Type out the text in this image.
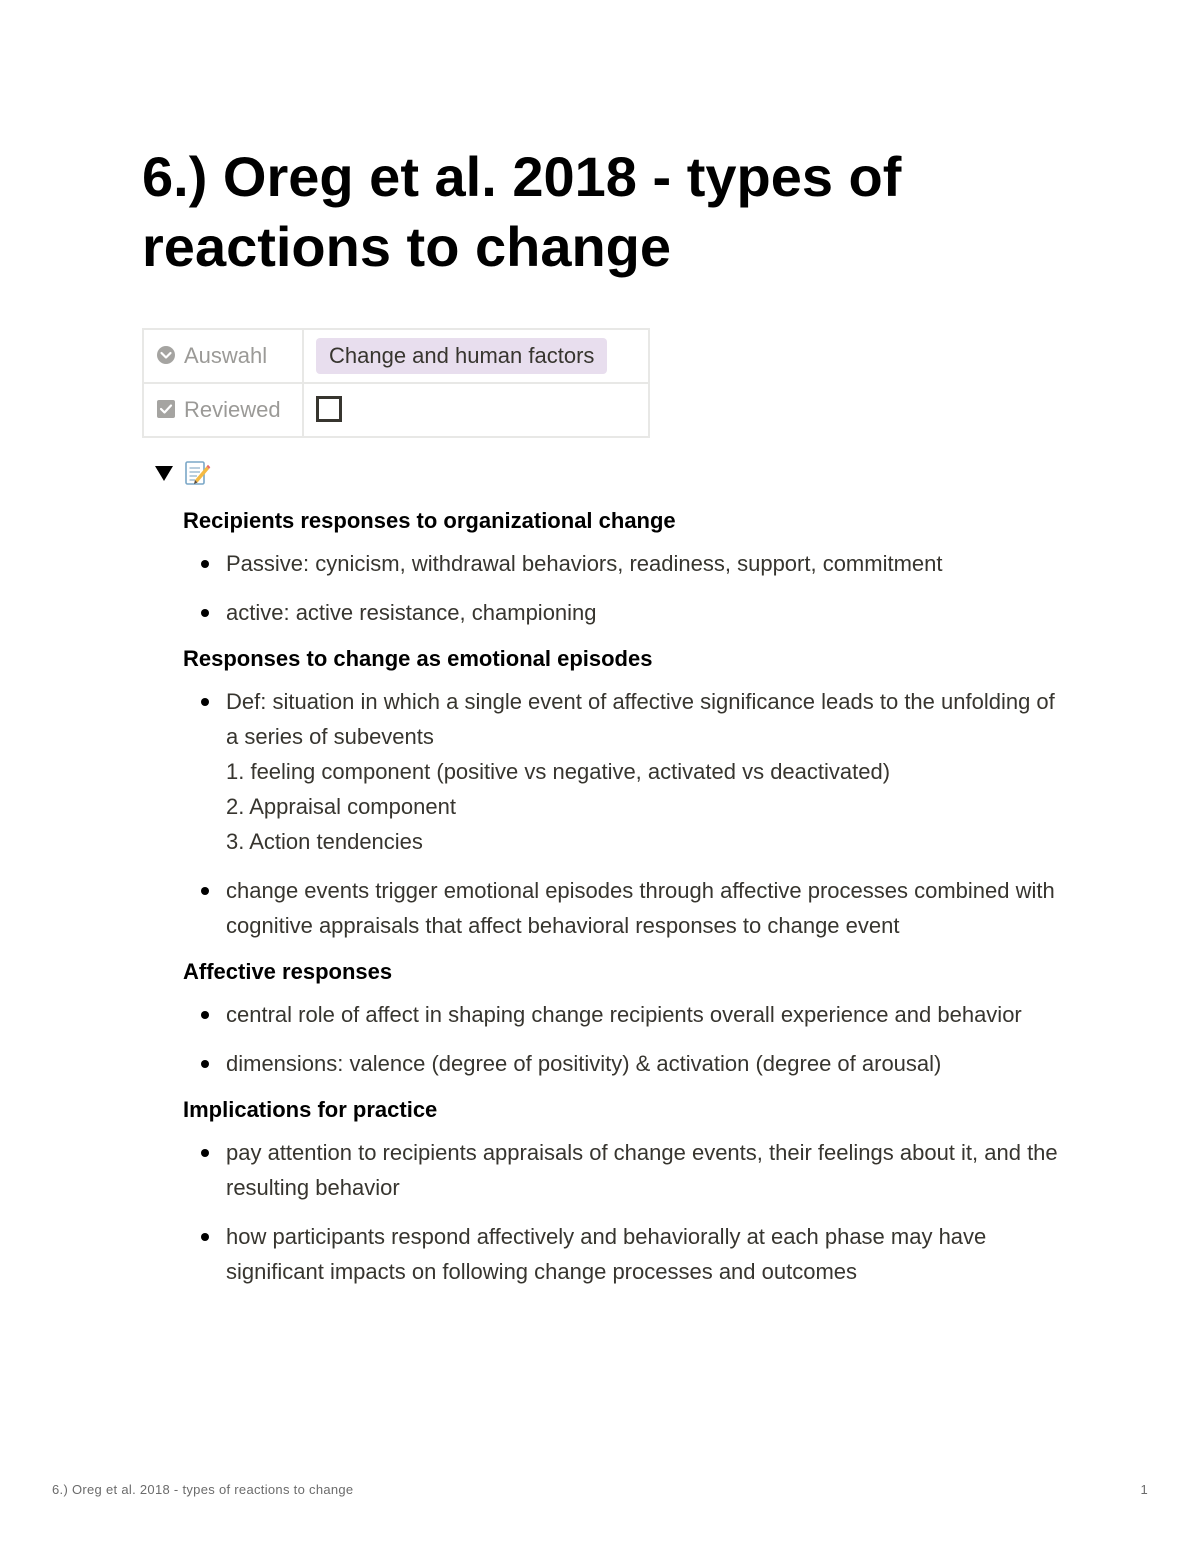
6.) Oreg et al. 2018 - types of reactions to change
Auswahl	Change and human factors
Reviewed	
Recipients responses to organizational change
Passive: cynicism, withdrawal behaviors, readiness, support, commitment
active: active resistance, championing
Responses to change as emotional episodes
Def: situation in which a single event of affective significance leads to the unfolding of a series of subevents
1. feeling component (positive vs negative, activated vs deactivated)
2. Appraisal component
3. Action tendencies
change events trigger emotional episodes through affective processes combined with cognitive appraisals that affect behavioral responses to change event
Affective responses
central role of affect in shaping change recipients overall experience and behavior
dimensions: valence (degree of positivity) & activation (degree of arousal)
Implications for practice
pay attention to recipients appraisals of change events, their feelings about it, and the resulting behavior
how participants respond affectively and behaviorally at each phase may have significant impacts on following change processes and outcomes
6.) Oreg et al. 2018 - types of reactions to change	1
